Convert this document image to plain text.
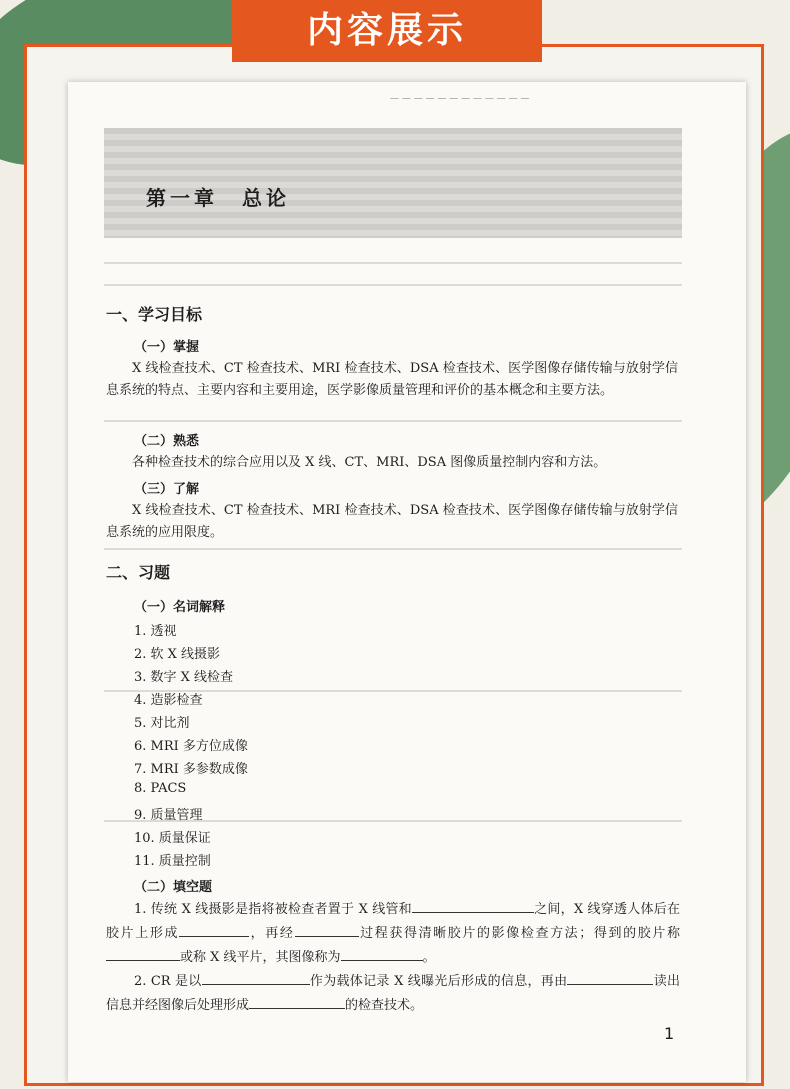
内容展示
— — — — — — — — — — — —
第一章 总论
一、学习目标
（一）掌握
X 线检查技术、CT 检查技术、MRI 检查技术、DSA 检查技术、医学图像存储传输与放射学信息系统的特点、主要内容和主要用途，医学影像质量管理和评价的基本概念和主要方法。
（二）熟悉
各种检查技术的综合应用以及 X 线、CT、MRI、DSA 图像质量控制内容和方法。
（三）了解
X 线检查技术、CT 检查技术、MRI 检查技术、DSA 检查技术、医学图像存储传输与放射学信息系统的应用限度。
二、习题
（一）名词解释
1. 透视
2. 软 X 线摄影
3. 数字 X 线检查
4. 造影检查
5. 对比剂
6. MRI 多方位成像
7. MRI 多参数成像
8. PACS
9. 质量管理
10. 质量保证
11. 质量控制
（二）填空题
1. 传统 X 线摄影是指将被检查者置于 X 线管和	之间，X 线穿透人体后在胶片上形成	，再经	过程获得清晰胶片的影像检查方法；得到的胶片称或称 X 线平片，其图像称为	。
2. CR 是以	作为载体记录 X 线曝光后形成的信息，再由	读出信息并经图像后处理形成	的检查技术。
1
